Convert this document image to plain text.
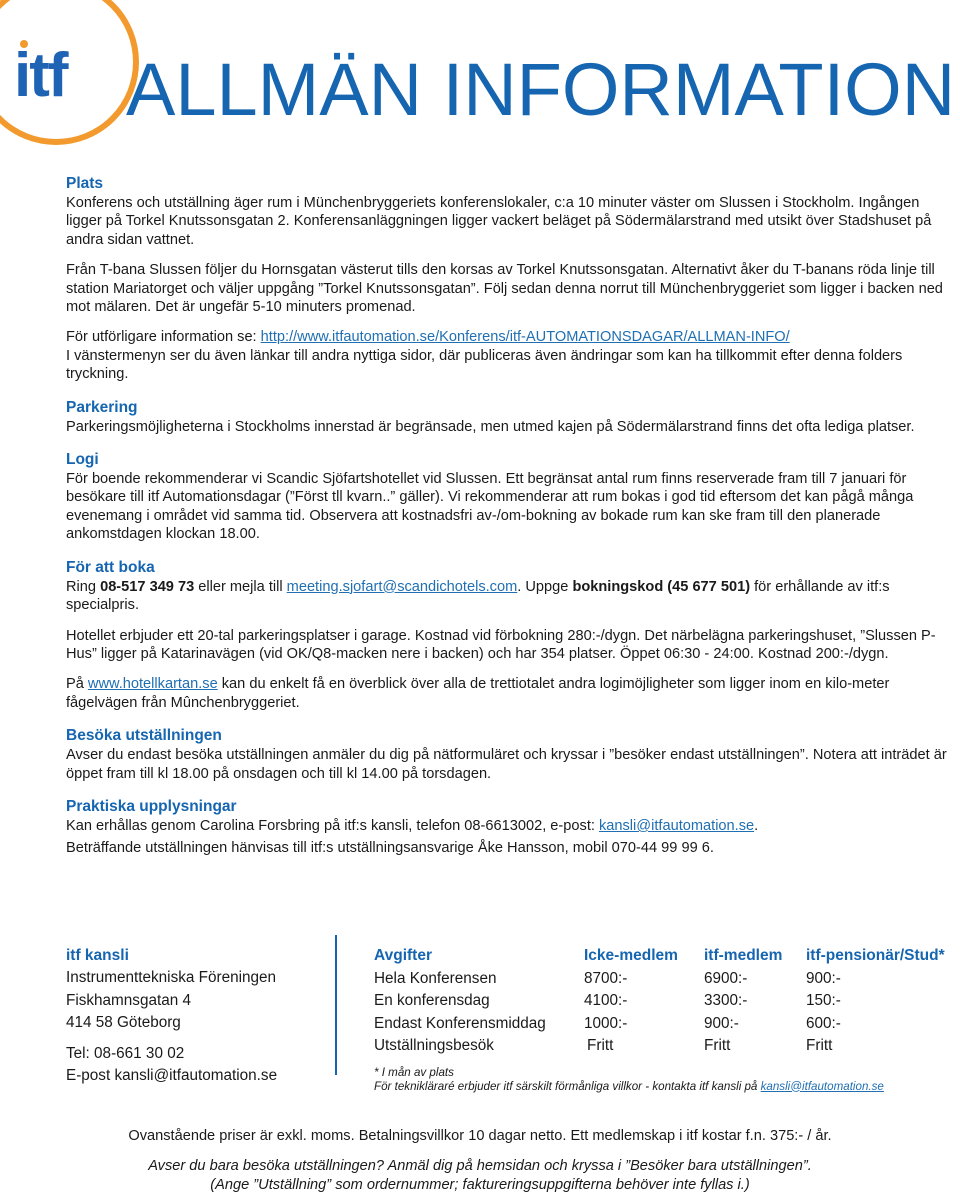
itf ALLMÄN INFORMATION
Plats

Konferens och utställning äger rum i Münchenbryggeriets konferenslokaler, c:a 10 minuter väster om Slussen i Stockholm. Ingången ligger på Torkel Knutssonsgatan 2. Konferensanläggningen ligger vackert beläget på Södermälarstrand med utsikt över Stadshuset på andra sidan vattnet.

Från T-bana Slussen följer du Hornsgatan västerut tills den korsas av Torkel Knutssonsgatan. Alternativt åker du T-banans röda linje till station Mariatorget och väljer uppgång ”Torkel Knutssonsgatan”. Följ sedan denna norrut till Münchenbryggeriet som ligger i backen ned mot mälaren. Det är ungefär 5-10 minuters promenad.

För utförligare information se: http://www.itfautomation.se/Konferens/itf-AUTOMATIONSDAGAR/ALLMAN-INFO/

I vänstermenyn ser du även länkar till andra nyttiga sidor, där publiceras även ändringar som kan ha tillkommit efter denna folders tryckning.

Parkering

Parkeringsmöjligheterna i Stockholms innerstad är begränsade, men utmed kajen på Södermälarstrand finns det ofta lediga platser.

Logi

För boende rekommenderar vi Scandic Sjöfartshotellet vid Slussen. Ett begränsat antal rum finns reserverade fram till 7 januari för besökare till itf Automationsdagar (”Först tll kvarn..” gäller). Vi rekommenderar att rum bokas i god tid eftersom det kan pågå många evenemang i området vid samma tid. Observera att kostnadsfri av-/om-bokning av bokade rum kan ske fram till den planerade ankomstdagen klockan 18.00.

För att boka

Ring 08-517 349 73 eller mejla till meeting.sjofart@scandichotels.com. Uppge bokningskod (45 677 501) för erhållande av itf:s specialpris.

Hotellet erbjuder ett 20-tal parkeringsplatser i garage. Kostnad vid förbokning 280:-/dygn. Det närbelägna parkeringshuset, ”Slussen P-Hus” ligger på Katarinavägen (vid OK/Q8-macken nere i backen) och har 354 platser. Öppet 06:30 - 24:00. Kostnad 200:-/dygn.

På www.hotellkartan.se kan du enkelt få en överblick över alla de trettiotalet andra logimöjligheter som ligger inom en kilo-meter fågelvägen från Mûnchenbryggeriet.

Besöka utställningen

Avser du endast besöka utställningen anmäler du dig på nätformuläret och kryssar i ”besöker endast utställningen”. Notera att inträdet är öppet fram till kl 18.00 på onsdagen och till kl 14.00 på torsdagen.

Praktiska upplysningar

Kan erhållas genom Carolina Forsbring på itf:s kansli, telefon 08-6613002, e-post: kansli@itfautomation.se.

Beträffande utställningen hänvisas till itf:s utställningsansvarige Åke Hansson, mobil 070-44 99 99 6.

itf kansli
Instrumenttekniska Föreningen
Fiskhamnsgatan 4
414 58 Göteborg
Tel: 08-661 30 02
E-post kansli@itfautomation.se
Avgifter	Icke-medlem	itf-medlem	itf-pensionär/Stud*
Hela Konferensen	8700:-	6900:-	900:-
En konferensdag	4100:-	3300:-	150:-
Endast Konferensmiddag	1000:-	900:-	600:-
Utställningsbesök	Fritt	Fritt	Fritt
* I mån av plats
För teknikläraré erbjuder itf särskilt förmånliga villkor - kontakta itf kansli på kansli@itfautomation.se
Ovanstående priser är exkl. moms. Betalningsvillkor 10 dagar netto. Ett medlemskap i itf kostar f.n. 375:- / år.
Avser du bara besöka utställningen? Anmäl dig på hemsidan och kryssa i ”Besöker bara utställningen”.
(Ange ”Utställning” som ordernummer; faktureringsuppgifterna behöver inte fyllas i.)
